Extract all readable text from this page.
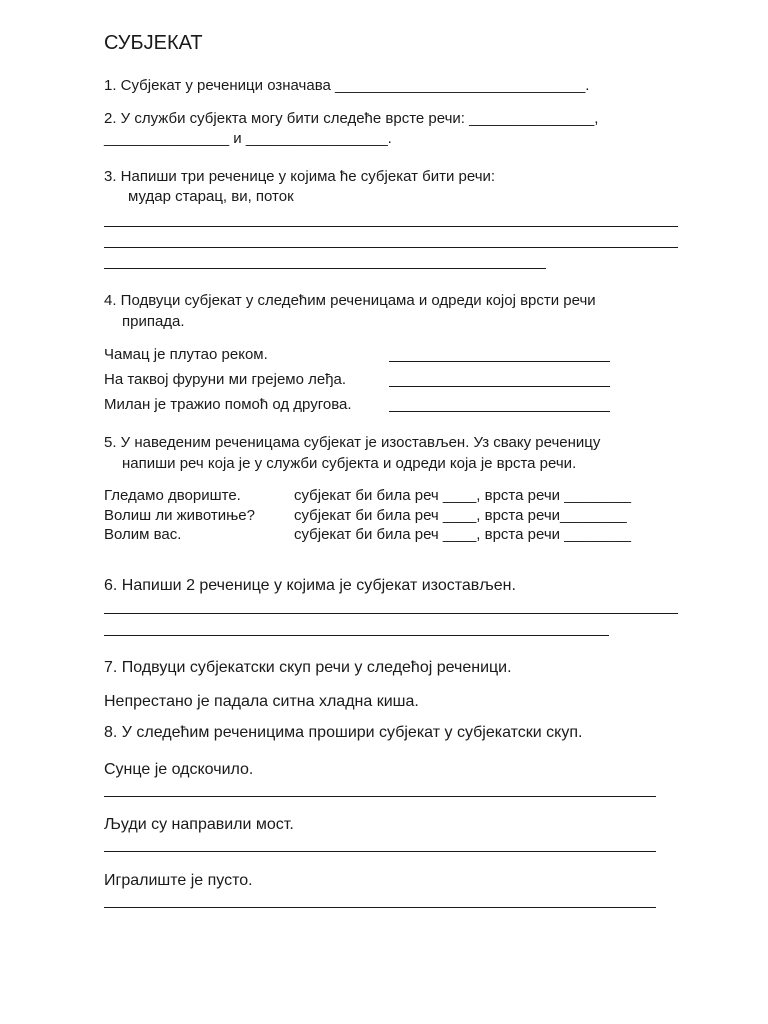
СУБЈЕКАТ
1. Субјекат у реченици означава ______________________________.
2. У служби субјекта могу бити следеће врсте речи: _______________,
_______________ и _________________.
3. Напиши три реченице у којима ће субјекат бити речи:
мудар старац, ви, поток
4. Подвуци субјекат у следећим реченицама и одреди којој врсти речи
припада.
Чамац је плутао реком.
На таквој фуруни ми грејемо леђа.
Милан је тражио помоћ од другова.
5. У наведеним реченицама субјекат је изостављен. Уз сваку реченицу
напиши реч која је у служби субјекта и одреди која је врста речи.
Гледамо двориште.	субјекат би била реч ____, врста речи ________
Волиш ли животиње?	субјекат би била реч ____, врста речи________
Волим вас.	субјекат би била реч ____, врста речи ________
6. Напиши 2 реченице у којима је субјекат изостављен.
7. Подвуци субјекатски скуп речи у следећој реченици.
Непрестано је падала ситна хладна киша.
8. У следећим реченицима прошири субјекат у субјекатски скуп.
Сунце је одскочило.
Људи су направили мост.
Игралиште је пусто.
